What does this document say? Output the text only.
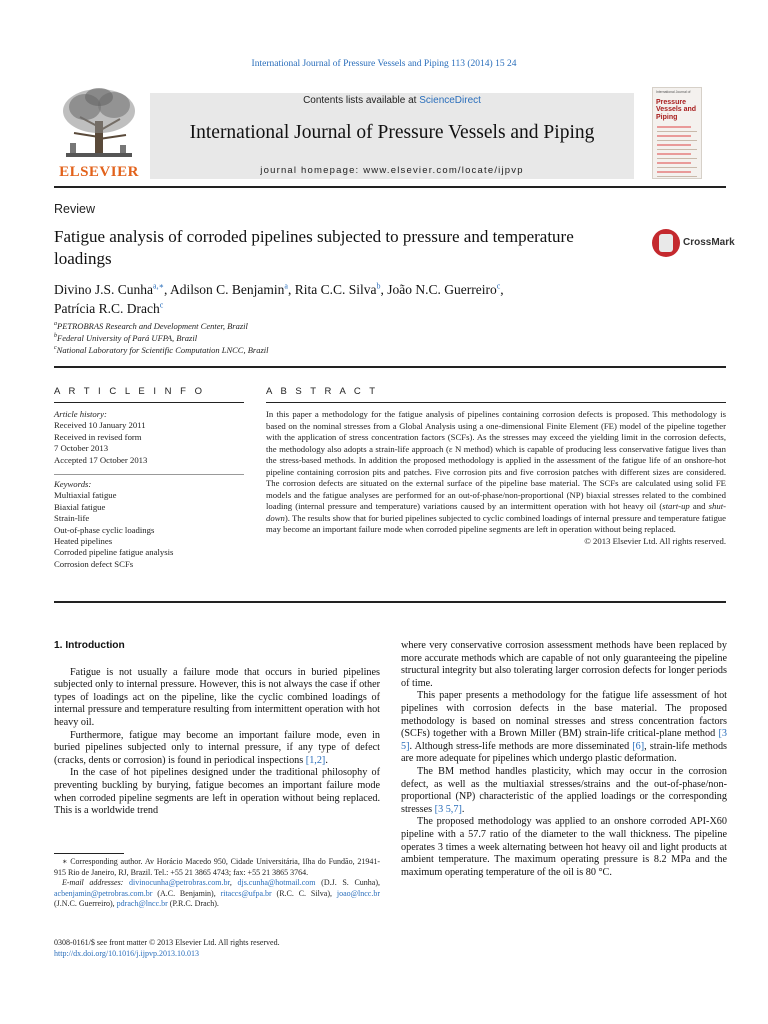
International Journal of Pressure Vessels and Piping 113 (2014) 15 24
ELSEVIER
Contents lists available at ScienceDirect
International Journal of Pressure Vessels and Piping
journal homepage: www.elsevier.com/locate/ijpvp
International Journal of
Pressure Vessels and Piping
Review
Fatigue analysis of corroded pipelines subjected to pressure and temperature loadings
CrossMark
Divino J.S. Cunha$^{a,∗}$, Adilson C. Benjamin$^a$, Rita C.C. Silva$^b$, João N.C. Guerreiro$^c$,
Patrícia R.C. Drach$^c$
$^a$PETROBRAS Research and Development Center, Brazil
$^b$Federal University of Pará UFPA, Brazil
$^c$National Laboratory for Scientific Computation LNCC, Brazil
A R T I C L E I N F O
Article history:
Received 10 January 2011
Received in revised form
7 October 2013
Accepted 17 October 2013
Keywords:
Multiaxial fatigue
Biaxial fatigue
Strain-life
Out-of-phase cyclic loadings
Heated pipelines
Corroded pipeline fatigue analysis
Corrosion defect SCFs
A B S T R A C T
In this paper a methodology for the fatigue analysis of pipelines containing corrosion defects is proposed. This methodology is based on the nominal stresses from a Global Analysis using a one-dimensional Finite Element (FE) model of the pipeline together with the application of stress concentration factors (SCFs). As the stresses may exceed the yielding limit in the corrosion defects, the methodology also adopts a strain-life approach (ε N method) which is capable of producing less conservative fatigue lives than the stress-based methods. In addition the proposed methodology is applied in the assessment of the fatigue life of an onshore-hot pipeline containing corrosion pits and patches. Five corrosion pits and five corrosion patches with different sizes are considered. The corrosion defects are situated on the external surface of the pipeline base material. The SCFs are calculated using solid FE models and the fatigue analyses are performed for an out-of-phase/non-proportional (NP) biaxial stresses related to the combined loading (internal pressure and temperature) variations caused by an intermittent operation with hot heavy oil (start-up and shut-down). The results show that for buried pipelines subjected to cyclic combined loadings of internal pressure and temperature fatigue may become an important failure mode when corroded pipeline segments are left in operation without being replaced.
© 2013 Elsevier Ltd. All rights reserved.
1. Introduction

Fatigue is not usually a failure mode that occurs in buried pipelines subjected only to internal pressure. However, this is not always the case if other types of loadings act on the pipeline, like the cyclic combined loadings of internal pressure and temperature resulting from intermittent operation with hot heavy oil.

Furthermore, fatigue may become an important failure mode, even in buried pipelines subjected only to internal pressure, if any type of defect (cracks, dents or corrosion) is found in periodical inspections [1,2].

In the case of hot pipelines designed under the traditional philosophy of preventing buckling by burying, fatigue becomes an important failure mode when corroded pipeline segments are left in operation without being replaced. This is a worldwide trend

∗ Corresponding author. Av Horácio Macedo 950, Cidade Universitária, Ilha do Fundão, 21941-915 Rio de Janeiro, RJ, Brazil. Tel.: +55 21 3865 4743; fax: +55 21 3865 3764.

E-mail addresses: divinocunha@petrobras.com.br, djs.cunha@hotmail.com (D.J. S. Cunha), acbenjamin@petrobras.com.br (A.C. Benjamin), ritaccs@ufpa.br (R.C. C. Silva), joao@lncc.br (J.N.C. Guerreiro), pdrach@lncc.br (P.R.C. Drach).

0308-0161/$ see front matter © 2013 Elsevier Ltd. All rights reserved.
http://dx.doi.org/10.1016/j.ijpvp.2013.10.013

where very conservative corrosion assessment methods have been replaced by more accurate methods which are capable of not only guaranteeing the pipeline structural integrity but also tolerating larger corrosion defects for longer periods of time.

This paper presents a methodology for the fatigue life assessment of hot pipelines with corrosion defects in the base material. The proposed methodology is based on nominal stresses and stress concentration factors (SCFs) together with a Brown Miller (BM) strain-life critical-plane method [3 5]. Although stress-life methods are more disseminated [6], strain-life methods are more adequate for pipelines which undergo plastic deformation.

The BM method handles plasticity, which may occur in the corrosion defect, as well as the multiaxial stresses/strains and the out-of-phase/non-proportional (NP) characteristic of the applied loadings or the corresponding stresses [3 5,7].

The proposed methodology was applied to an onshore corroded API-X60 pipeline with a 57.7 ratio of the diameter to the wall thickness. The pipeline operates 3 times a week alternating between hot heavy oil and light products at ambient temperature. The maximum operating pressure is 8.2 MPa and the maximum operating temperature of the oil is 80 °C.
